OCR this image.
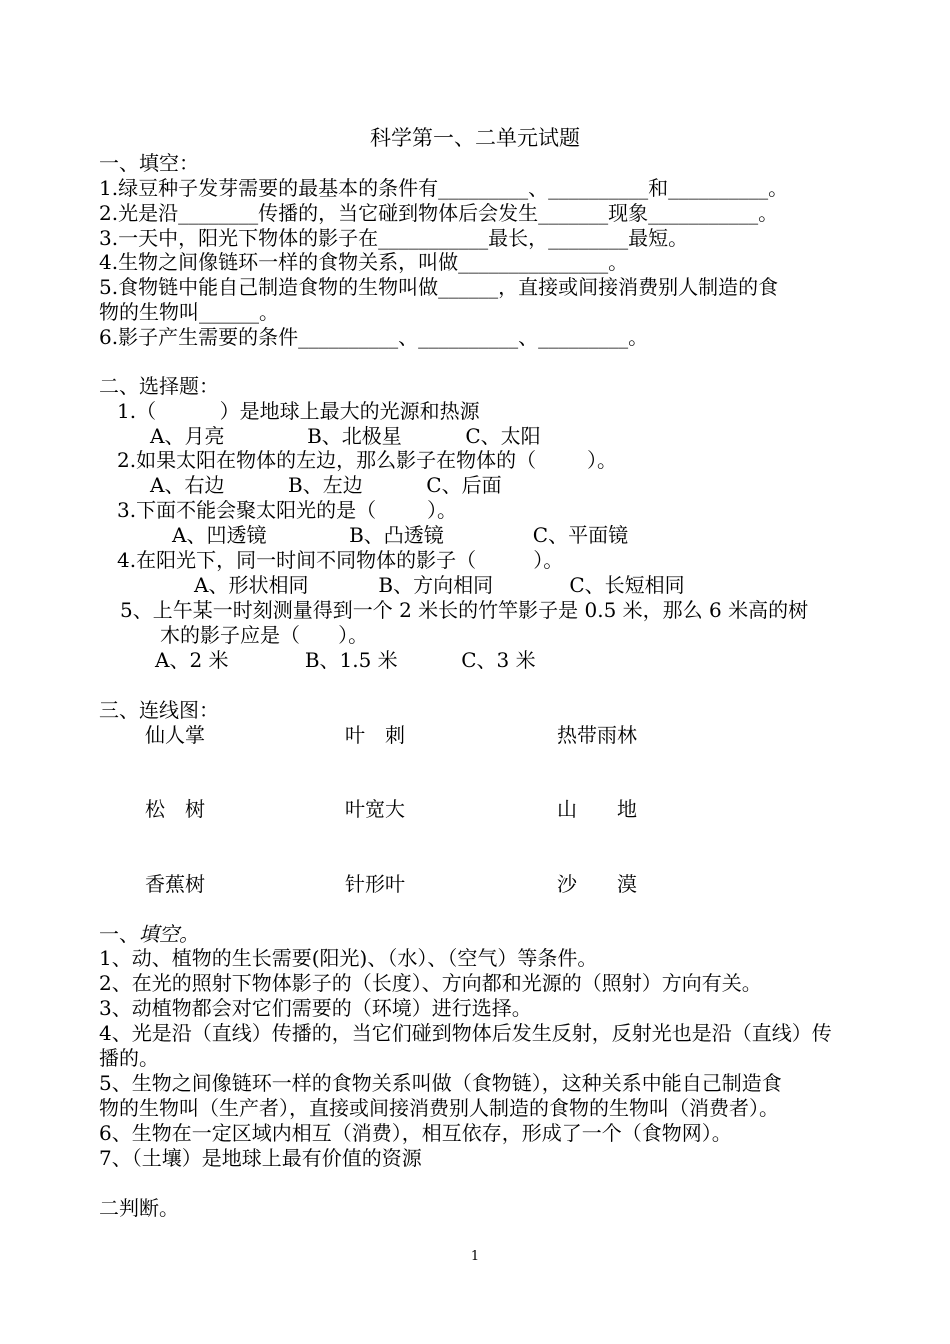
科学第一、二单元试题
一、填空：
1.绿豆种子发芽需要的最基本的条件有_________、__________和__________。
2.光是沿________传播的，当它碰到物体后会发生_______现象___________。
3.一天中，阳光下物体的影子在___________最长，________最短。
4.生物之间像链环一样的食物关系，叫做_______________。
5.食物链中能自己制造食物的生物叫做______，直接或间接消费别人制造的食
物的生物叫______。
6.影子产生需要的条件__________、__________、_________。
二、选择题：
1.（          ）是地球上最大的光源和热源
A、月亮             B、北极星          C、太阳
2.如果太阳在物体的左边，那么影子在物体的（        ）。
A、右边          B、左边          C、后面
3.下面不能会聚太阳光的是（        ）。
A、凹透镜             B、凸透镜              C、平面镜
4.在阳光下，同一时间不同物体的影子（         ）。
A、形状相同           B、方向相同            C、长短相同
5、上午某一时刻测量得到一个 2 米长的竹竿影子是 0.5 米，那么 6 米高的树
木的影子应是（      ）。
A、2 米            B、1.5 米          C、3 米
三、连线图：
仙人掌	叶　刺	热带雨林
松　树	叶宽大	山　　地
香蕉树	针形叶	沙　　漠
一、填空。
1、动、植物的生长需要(阳光)、（水）、（空气）等条件。
2、在光的照射下物体影子的（长度）、方向都和光源的（照射）方向有关。
3、动植物都会对它们需要的（环境）进行选择。
4、光是沿（直线）传播的，当它们碰到物体后发生反射，反射光也是沿（直线）传
播的。
5、生物之间像链环一样的食物关系叫做（食物链），这种关系中能自己制造食
物的生物叫（生产者），直接或间接消费别人制造的食物的生物叫（消费者）。
6、生物在一定区域内相互（消费），相互依存，形成了一个（食物网）。
7、（土壤）是地球上最有价值的资源
二判断。
1
